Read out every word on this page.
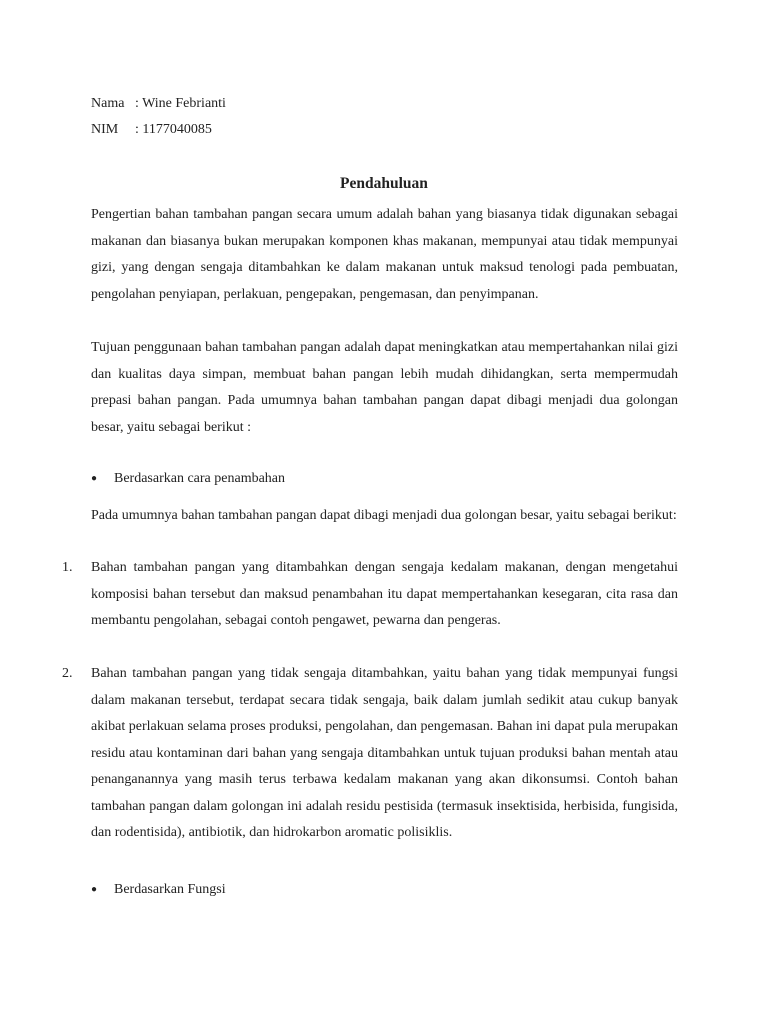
Nama : Wine Febrianti
NIM : 1177040085
Pendahuluan

Pengertian bahan tambahan pangan secara umum adalah bahan yang biasanya tidak digunakan sebagai makanan dan biasanya bukan merupakan komponen khas makanan, mempunyai atau tidak mempunyai gizi, yang dengan sengaja ditambahkan ke dalam makanan untuk maksud tenologi pada pembuatan, pengolahan penyiapan, perlakuan, pengepakan, pengemasan, dan penyimpanan.

Tujuan penggunaan bahan tambahan pangan adalah dapat meningkatkan atau mempertahankan nilai gizi dan kualitas daya simpan, membuat bahan pangan lebih mudah dihidangkan, serta mempermudah prepasi bahan pangan. Pada umumnya bahan tambahan pangan dapat dibagi menjadi dua golongan besar, yaitu sebagai berikut :

● Berdasarkan cara penambahan

Pada umumnya bahan tambahan pangan dapat dibagi menjadi dua golongan besar, yaitu sebagai berikut:

1. Bahan tambahan pangan yang ditambahkan dengan sengaja kedalam makanan, dengan mengetahui komposisi bahan tersebut dan maksud penambahan itu dapat mempertahankan kesegaran, cita rasa dan membantu pengolahan, sebagai contoh pengawet, pewarna dan pengeras.
2. Bahan tambahan pangan yang tidak sengaja ditambahkan, yaitu bahan yang tidak mempunyai fungsi dalam makanan tersebut, terdapat secara tidak sengaja, baik dalam jumlah sedikit atau cukup banyak akibat perlakuan selama proses produksi, pengolahan, dan pengemasan. Bahan ini dapat pula merupakan residu atau kontaminan dari bahan yang sengaja ditambahkan untuk tujuan produksi bahan mentah atau penanganannya yang masih terus terbawa kedalam makanan yang akan dikonsumsi. Contoh bahan tambahan pangan dalam golongan ini adalah residu pestisida (termasuk insektisida, herbisida, fungisida, dan rodentisida), antibiotik, dan hidrokarbon aromatic polisiklis.
● Berdasarkan Fungsi
